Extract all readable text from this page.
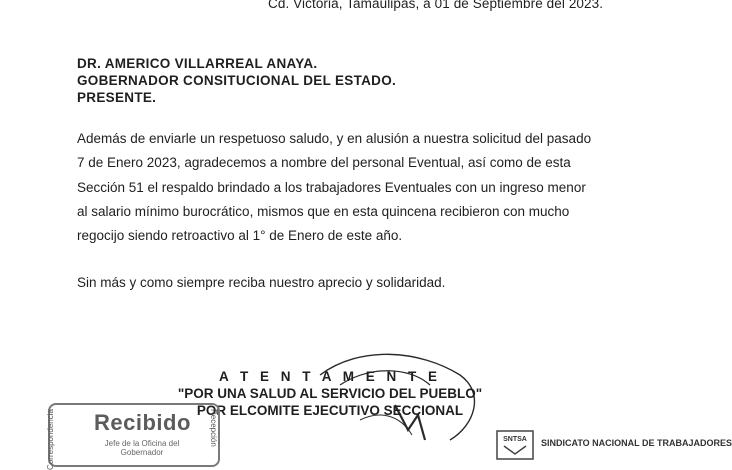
Cd. Victoria, Tamaulipas, a 01 de Septiembre del 2023.
DR. AMERICO VILLARREAL ANAYA.
GOBERNADOR CONSITUCIONAL DEL ESTADO.
PRESENTE.
Además de enviarle un respetuoso saludo, y en alusión a nuestra solicitud del pasado
7 de Enero 2023, agradecemos a nombre del personal Eventual, así como de esta
Sección 51 el respaldo brindado a los trabajadores Eventuales con un ingreso menor
al salario mínimo burocrático, mismos que en esta quincena recibieron con mucho
regocijo siendo retroactivo al 1° de Enero de este año.
Sin más y como siempre reciba nuestro aprecio y solidaridad.
A T E N T A M E N T E
"POR UNA SALUD AL SERVICIO DEL PUEBLO"
POR ELCOMITE EJECUTIVO SECCIONAL
Correspondencia Recibido
Jefe de la Oficina del Gobernador
Recepción	SNTSA SINDICATO NACIONAL DE TRABAJADORES
